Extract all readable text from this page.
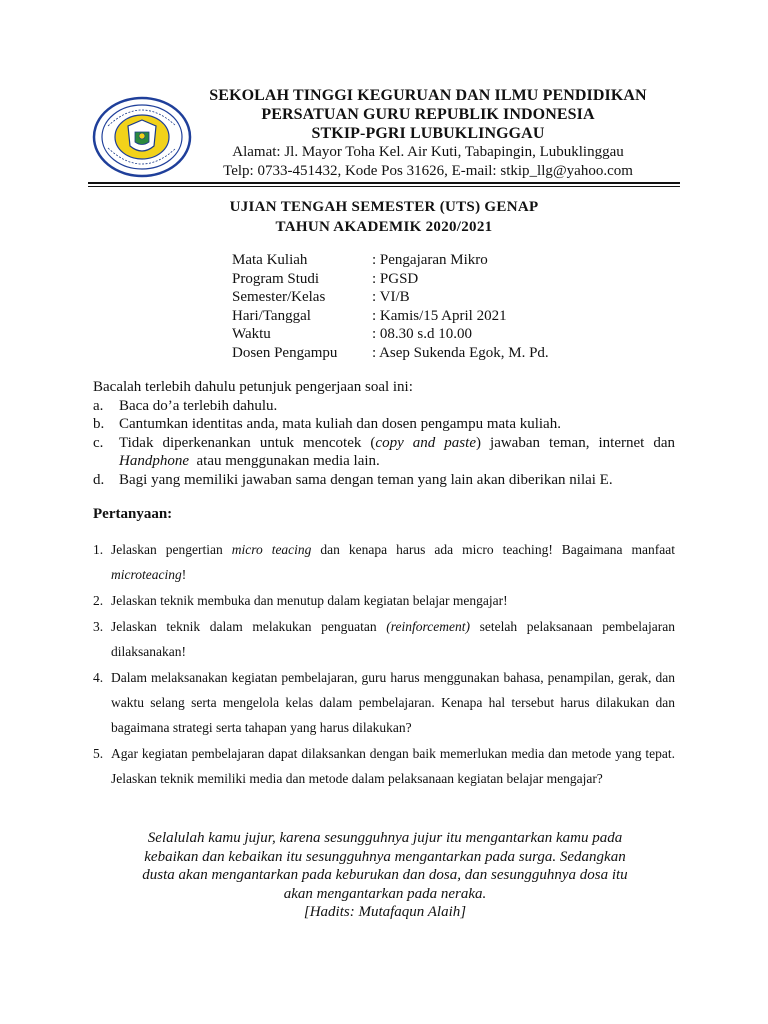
SEKOLAH TINGGI KEGURUAN DAN ILMU PENDIDIKAN
PERSATUAN GURU REPUBLIK INDONESIA
STKIP-PGRI LUBUKLINGGAU
Alamat: Jl. Mayor Toha Kel. Air Kuti, Tabapingin, Lubuklinggau
Telp: 0733-451432, Kode Pos 31626, E-mail: stkip_llg@yahoo.com
UJIAN TENGAH SEMESTER (UTS) GENAP
TAHUN AKADEMIK 2020/2021
Mata Kuliah	: Pengajaran Mikro
Program Studi	: PGSD
Semester/Kelas	: VI/B
Hari/Tanggal	: Kamis/15 April 2021
Waktu	: 08.30 s.d 10.00
Dosen Pengampu : Asep Sukenda Egok, M. Pd.
Bacalah terlebih dahulu petunjuk pengerjaan soal ini:
a.	Baca do’a terlebih dahulu.
b. Cantumkan identitas anda, mata kuliah dan dosen pengampu mata kuliah.
c.	Tidak diperkenankan untuk mencotek (copy and paste) jawaban teman, internet dan Handphone  atau menggunakan media lain.
d. Bagi yang memiliki jawaban sama dengan teman yang lain akan diberikan nilai E.
Pertanyaan:
1. Jelaskan pengertian micro teacing dan kenapa harus ada micro teaching! Bagaimana manfaat microteacing!
2. Jelaskan teknik membuka dan menutup dalam kegiatan belajar mengajar!
3. Jelaskan teknik dalam melakukan penguatan (reinforcement) setelah pelaksanaan pembelajaran dilaksanakan!
4. Dalam melaksanakan kegiatan pembelajaran, guru harus menggunakan bahasa, penampilan, gerak, dan waktu selang serta mengelola kelas dalam pembelajaran. Kenapa hal tersebut harus dilakukan dan bagaimana strategi serta tahapan yang harus dilakukan?
5. Agar kegiatan pembelajaran dapat dilaksankan dengan baik memerlukan media dan metode yang tepat. Jelaskan teknik memiliki media dan metode dalam pelaksanaan kegiatan belajar mengajar?
Selalulah kamu jujur, karena sesungguhnya jujur itu mengantarkan kamu pada
kebaikan dan kebaikan itu sesungguhnya mengantarkan pada surga. Sedangkan
dusta akan mengantarkan pada keburukan dan dosa, dan sesungguhnya dosa itu
akan mengantarkan pada neraka.
[Hadits: Mutafaqun Alaih]
